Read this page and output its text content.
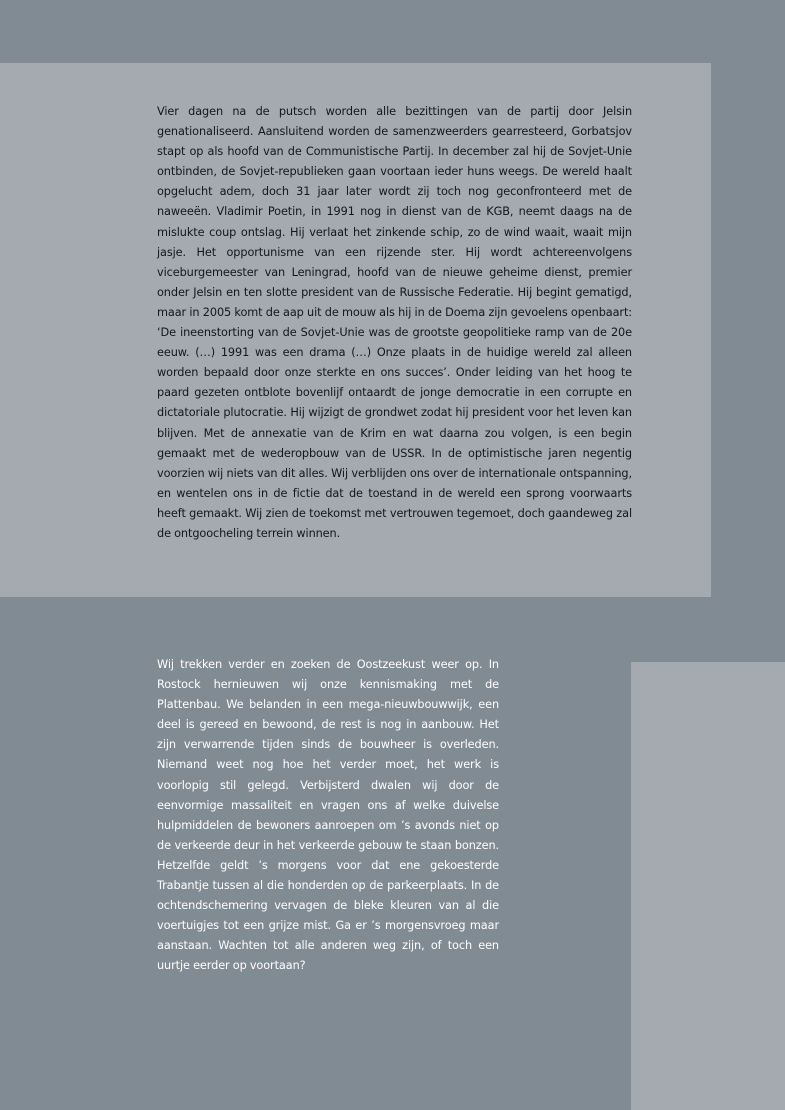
Vier dagen na de putsch worden alle bezittingen van de partij door Jelsin genationaliseerd. Aansluitend worden de samenzweerders gearresteerd, Gorbatsjov stapt op als hoofd van de Communistische Partij. In december zal hij de Sovjet-Unie ontbinden, de Sovjet-republieken gaan voortaan ieder huns weegs. De wereld haalt opgelucht adem, doch 31 jaar later wordt zij toch nog geconfronteerd met de naweeën. Vladimir Poetin, in 1991 nog in dienst van de KGB, neemt daags na de mislukte coup ontslag. Hij verlaat het zinkende schip, zo de wind waait, waait mijn jasje. Het opportunisme van een rijzende ster. Hij wordt achtereenvolgens viceburgemeester van Leningrad, hoofd van de nieuwe geheime dienst, premier onder Jelsin en ten slotte president van de Russische Federatie. Hij begint gematigd, maar in 2005 komt de aap uit de mouw als hij in de Doema zijn gevoelens openbaart: ‘De ineenstorting van de Sovjet-Unie was de grootste geopolitieke ramp van de 20e eeuw. (…) 1991 was een drama (…) Onze plaats in de huidige wereld zal alleen worden bepaald door onze sterkte en ons succes’. Onder leiding van het hoog te paard gezeten ontblote bovenlijf ontaardt de jonge democratie in een corrupte en dictatoriale plutocratie. Hij wijzigt de grondwet zodat hij president voor het leven kan blijven. Met de annexatie van de Krim en wat daarna zou volgen, is een begin gemaakt met de wederopbouw van de USSR. In de optimistische jaren negentig voorzien wij niets van dit alles. Wij verblijden ons over de internationale ontspanning, en wentelen ons in de fictie dat de toestand in de wereld een sprong voorwaarts heeft gemaakt. Wij zien de toekomst met vertrouwen tegemoet, doch gaandeweg zal de ontgoocheling terrein winnen.

Wij trekken verder en zoeken de Oostzeekust weer op. In Rostock hernieuwen wij onze kennismaking met de Plattenbau. We belanden in een mega-nieuwbouwwijk, een deel is gereed en bewoond, de rest is nog in aanbouw. Het zijn verwarrende tijden sinds de bouwheer is overleden. Niemand weet nog hoe het verder moet, het werk is voorlopig stil gelegd. Verbijsterd dwalen wij door de eenvormige massaliteit en vragen ons af welke duivelse hulpmiddelen de bewoners aanroepen om ’s avonds niet op de verkeerde deur in het verkeerde gebouw te staan bonzen. Hetzelfde geldt ’s morgens voor dat ene gekoesterde Trabantje tussen al die honderden op de parkeerplaats. In de ochtendschemering vervagen de bleke kleuren van al die voertuigjes tot een grijze mist. Ga er ’s morgensvroeg maar aanstaan. Wachten tot alle anderen weg zijn, of toch een uurtje eerder op voortaan?
